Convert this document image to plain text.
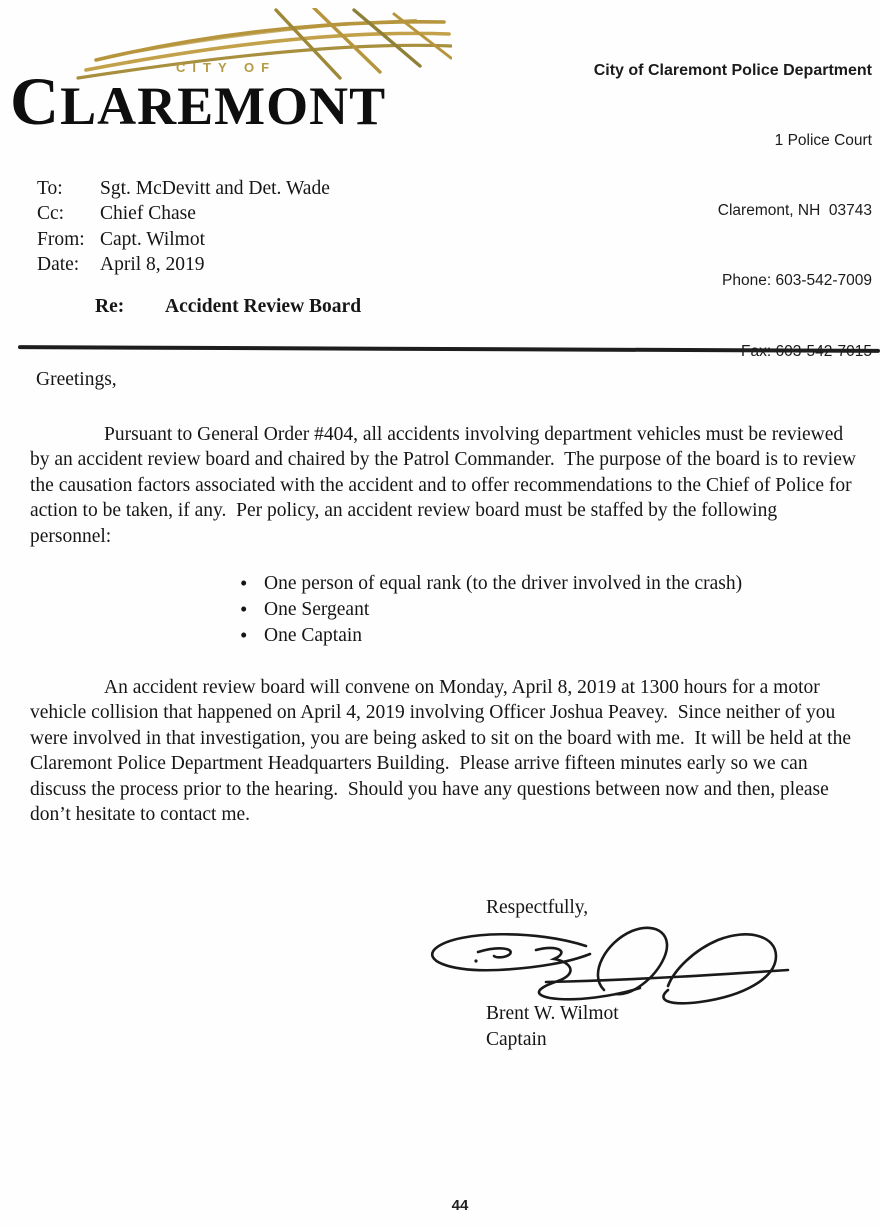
CITY OF
C LAREMONT

City of Claremont Police Department

1 Police Court

Claremont, NH  03743

Phone: 603-542-7009

To:	Sgt. McDevitt and Det. Wade
Cc:	Chief Chase
From: Capt. Wilmot
Date:	April 8, 2019
Re:	Accident Review Board
Greetings,

Pursuant to General Order #404, all accidents involving department vehicles must be reviewed by an accident review board and chaired by the Patrol Commander.  The purpose of the board is to review the causation factors associated with the accident and to offer recommendations to the Chief of Police for action to be taken, if any.  Per policy, an accident review board must be staffed by the following personnel:

• One person of equal rank (to the driver involved in the crash)
• One Sergeant
• One Captain

An accident review board will convene on Monday, April 8, 2019 at 1300 hours for a motor vehicle collision that happened on April 4, 2019 involving Officer Joshua Peavey.  Since neither of you were involved in that investigation, you are being asked to sit on the board with me.  It will be held at the Claremont Police Department Headquarters Building.  Please arrive fifteen minutes early so we can discuss the process prior to the hearing.  Should you have any questions between now and then, please don’t hesitate to contact me.

Respectfully,
Brent W. Wilmot
Captain
44
